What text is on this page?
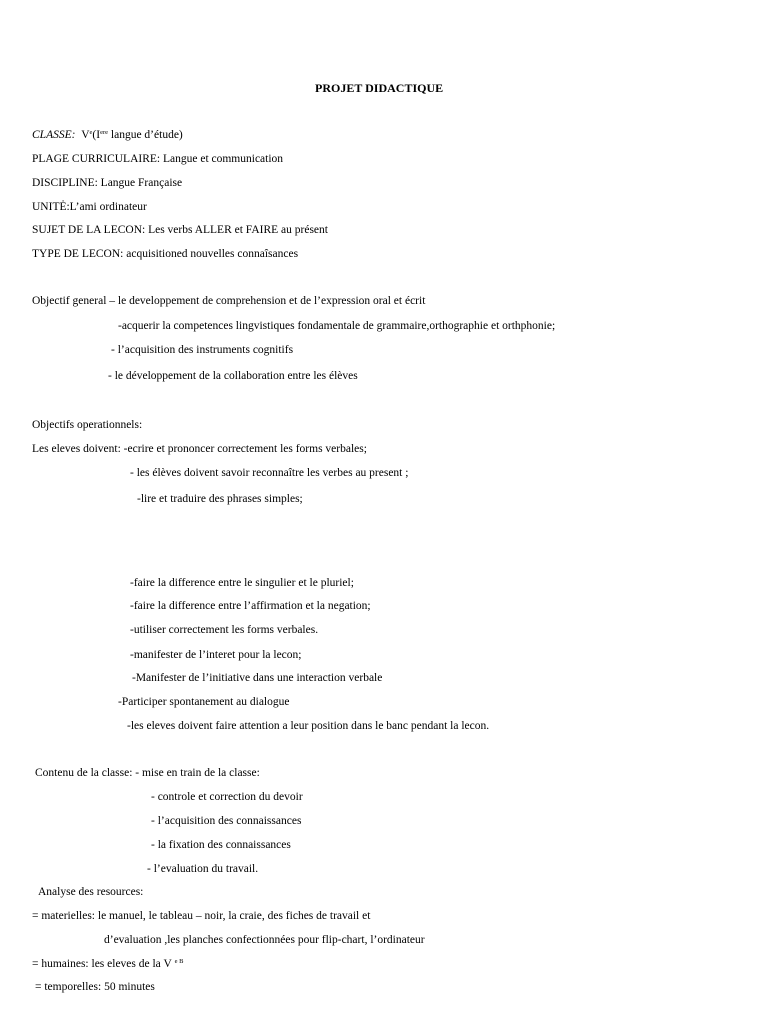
PROJET DIDACTIQUE
CLASSE: Ve(Iere langue d’étude)
PLAGE CURRICULAIRE: Langue et communication
DISCIPLINE: Langue Française
UNITĖ:L’ami ordinateur
SUJET DE LA LECON: Les verbs ALLER et FAIRE au présent
TYPE DE LECON: acquisitioned nouvelles connaîsances
Objectif general – le developpement de comprehension et de l’expression oral et écrit
-acquerir la competences lingvistiques fondamentale de grammaire,orthographie et orthphonie;
- l’acquisition des instruments cognitifs
- le développement de la collaboration entre les élèves
Objectifs operationnels:
Les eleves doivent: -ecrire et prononcer correctement les forms verbales;
- les élèves doivent savoir reconnaître les verbes au present ;
-lire et traduire des phrases simples;
-faire la difference entre le singulier et le pluriel;
-faire la difference entre l’affirmation et la negation;
-utiliser correctement les forms verbales.
-manifester de l’interet pour la lecon;
-Manifester de l’initiative dans une interaction verbale
-Participer spontanement au dialogue
-les eleves doivent faire attention a leur position dans le banc pendant la lecon.
Contenu de la classe: - mise en train de la classe:
- controle et correction du devoir
- l’acquisition des connaissances
- la fixation des connaissances
- l’evaluation du travail.
Analyse des resources:
= materielles: le manuel, le tableau – noir, la craie, des fiches de travail et
d’evaluation ,les planches confectionnées pour flip-chart, l’ordinateur
= humaines: les eleves de la V $^{e B}$
= temporelles: 50 minutes
